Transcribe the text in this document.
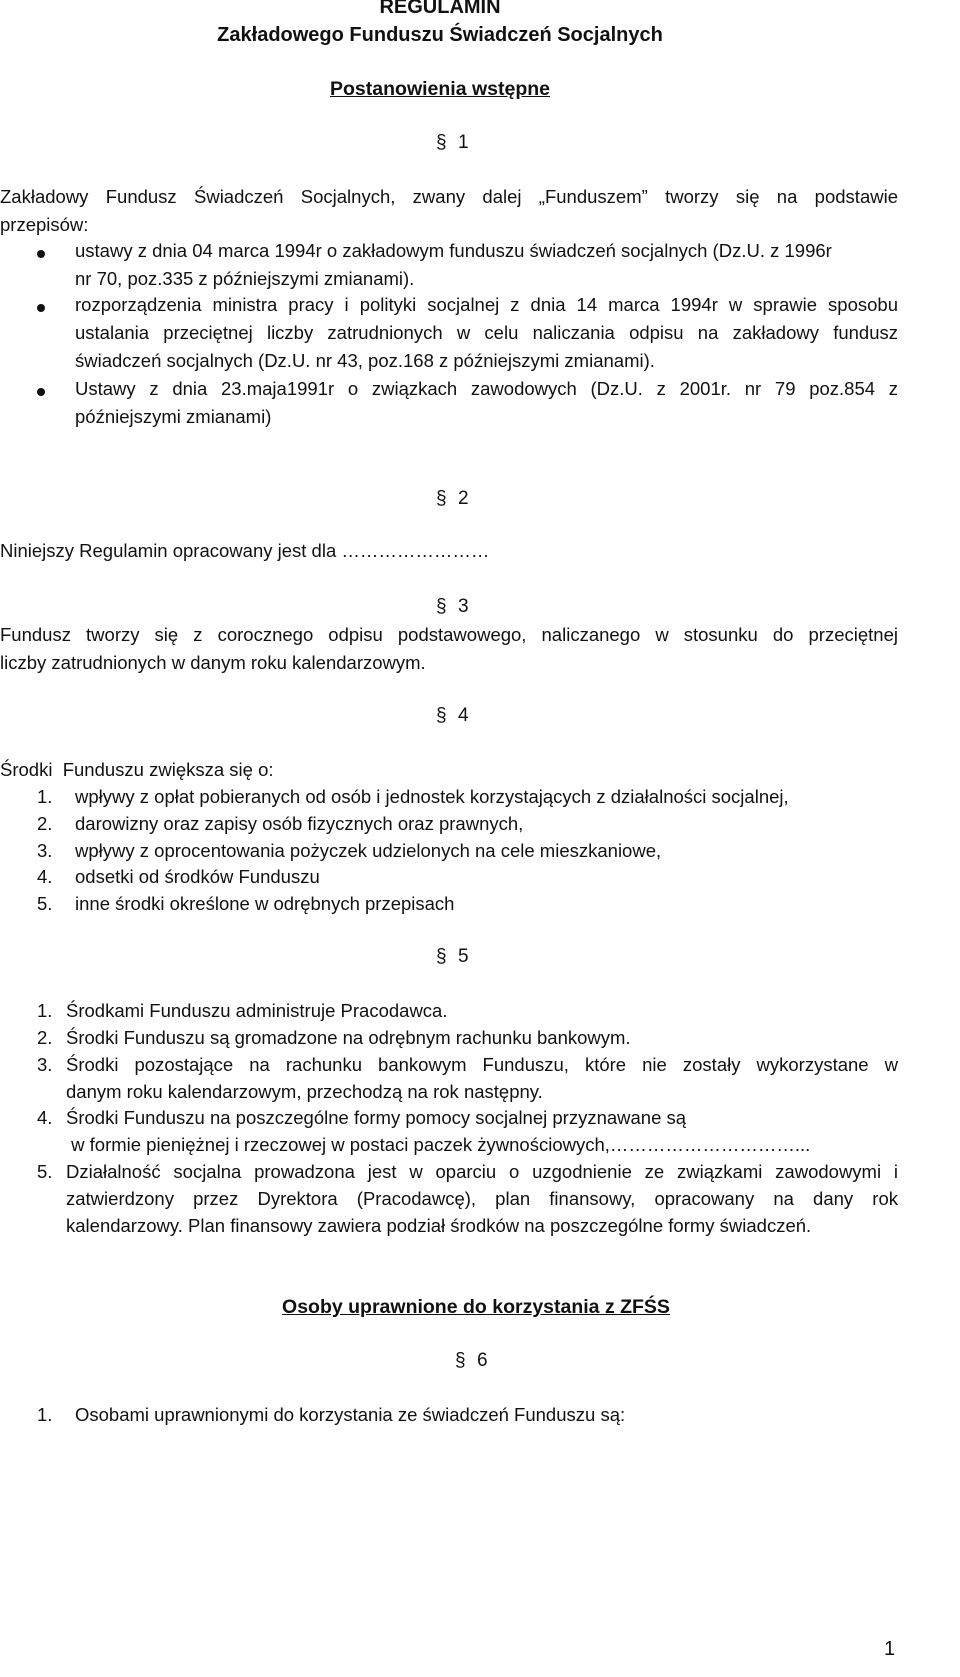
REGULAMIN
Zakładowego Funduszu Świadczeń Socjalnych
Postanowienia wstępne
§ 1
Zakładowy Fundusz Świadczeń Socjalnych, zwany dalej „Funduszem” tworzy się na podstawie
przepisów:
ustawy z dnia 04 marca 1994r o zakładowym funduszu świadczeń socjalnych (Dz.U. z 1996r
nr 70, poz.335 z późniejszymi zmianami).
rozporządzenia ministra pracy i polityki socjalnej z dnia 14 marca 1994r w sprawie sposobu
ustalania przeciętnej liczby zatrudnionych w celu naliczania odpisu na zakładowy fundusz
świadczeń socjalnych (Dz.U. nr 43, poz.168 z późniejszymi zmianami).
Ustawy z dnia 23.maja1991r o związkach zawodowych (Dz.U. z 2001r. nr 79 poz.854 z
późniejszymi zmianami)
§ 2
Niniejszy Regulamin opracowany jest dla ……………………
§ 3
Fundusz tworzy się z corocznego odpisu podstawowego, naliczanego w stosunku do przeciętnej
liczby zatrudnionych w danym roku kalendarzowym.
§ 4
Środki  Funduszu zwiększa się o:
1. wpływy z opłat pobieranych od osób i jednostek korzystających z działalności socjalnej,
2. darowizny oraz zapisy osób fizycznych oraz prawnych,
3. wpływy z oprocentowania pożyczek udzielonych na cele mieszkaniowe,
4. odsetki od środków Funduszu
5. inne środki określone w odrębnych przepisach
§ 5
1. Środkami Funduszu administruje Pracodawca.
2. Środki Funduszu są gromadzone na odrębnym rachunku bankowym.
3. Środki pozostające na rachunku bankowym Funduszu, które nie zostały wykorzystane w
danym roku kalendarzowym, przechodzą na rok następny.
4. Środki Funduszu na poszczególne formy pomocy socjalnej przyznawane są
w formie pieniężnej i rzeczowej w postaci paczek żywnościowych,…………………………...
5. Działalność socjalna prowadzona jest w oparciu o uzgodnienie ze związkami zawodowymi i
zatwierdzony przez Dyrektora (Pracodawcę), plan finansowy, opracowany na dany rok
kalendarzowy. Plan finansowy zawiera podział środków na poszczególne formy świadczeń.
Osoby uprawnione do korzystania z ZFŚS
§ 6
1. Osobami uprawnionymi do korzystania ze świadczeń Funduszu są:
1
